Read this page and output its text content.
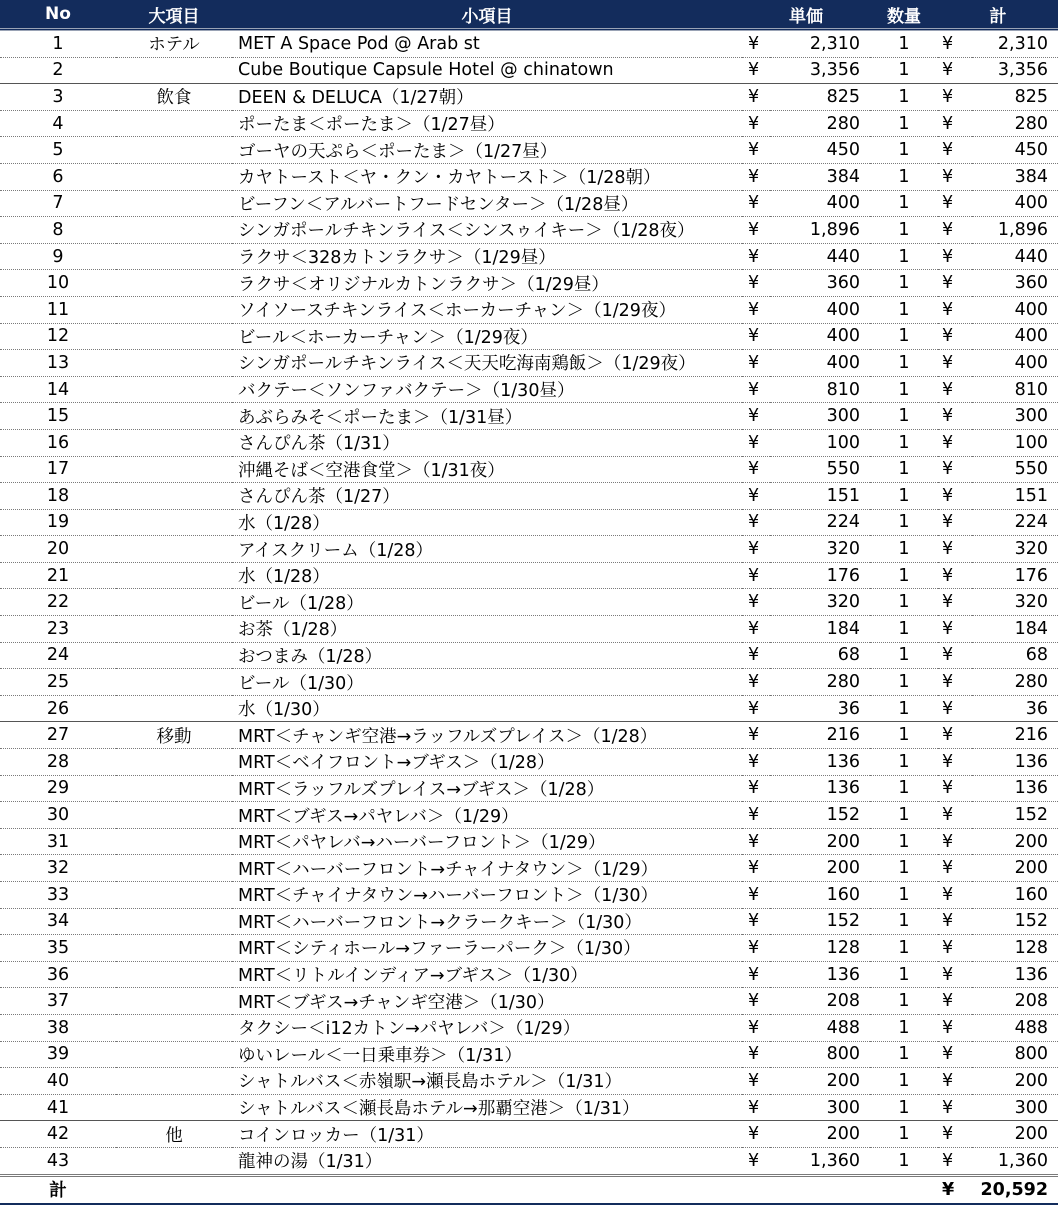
No	大項目	小項目	単価		数量	計	
1	ホテル	MET A Space Pod @ Arab st	¥	2,310	1	¥	2,310
2		Cube Boutique Capsule Hotel @ chinatown	¥	3,356	1	¥	3,356
3	飲食	DEEN & DELUCA（1/27朝）	¥	825	1	¥	825
4		ポーたま＜ポーたま＞（1/27昼）	¥	280	1	¥	280
5		ゴーヤの天ぷら＜ポーたま＞（1/27昼）	¥	450	1	¥	450
6		カヤトースト＜ヤ・クン・カヤトースト＞（1/28朝）	¥	384	1	¥	384
7		ビーフン＜アルバートフードセンター＞（1/28昼）	¥	400	1	¥	400
8		シンガポールチキンライス＜シンスゥイキー＞（1/28夜）	¥	1,896	1	¥	1,896
9		ラクサ＜328カトンラクサ＞（1/29昼）	¥	440	1	¥	440
10		ラクサ＜オリジナルカトンラクサ＞（1/29昼）	¥	360	1	¥	360
11		ソイソースチキンライス＜ホーカーチャン＞（1/29夜）	¥	400	1	¥	400
12		ビール＜ホーカーチャン＞（1/29夜）	¥	400	1	¥	400
13		シンガポールチキンライス＜天天吃海南鶏飯＞（1/29夜）	¥	400	1	¥	400
14		バクテー＜ソンファバクテー＞（1/30昼）	¥	810	1	¥	810
15		あぶらみそ＜ポーたま＞（1/31昼）	¥	300	1	¥	300
16		さんぴん茶（1/31）	¥	100	1	¥	100
17		沖縄そば＜空港食堂＞（1/31夜）	¥	550	1	¥	550
18		さんぴん茶（1/27）	¥	151	1	¥	151
19		水（1/28）	¥	224	1	¥	224
20		アイスクリーム（1/28）	¥	320	1	¥	320
21		水（1/28）	¥	176	1	¥	176
22		ビール（1/28）	¥	320	1	¥	320
23		お茶（1/28）	¥	184	1	¥	184
24		おつまみ（1/28）	¥	68	1	¥	68
25		ビール（1/30）	¥	280	1	¥	280
26		水（1/30）	¥	36	1	¥	36
27	移動	MRT＜チャンギ空港→ラッフルズプレイス＞（1/28）	¥	216	1	¥	216
28		MRT＜ベイフロント→ブギス＞（1/28）	¥	136	1	¥	136
29		MRT＜ラッフルズプレイス→ブギス＞（1/28）	¥	136	1	¥	136
30		MRT＜ブギス→パヤレバ＞（1/29）	¥	152	1	¥	152
31		MRT＜パヤレバ→ハーバーフロント＞（1/29）	¥	200	1	¥	200
32		MRT＜ハーバーフロント→チャイナタウン＞（1/29）	¥	200	1	¥	200
33		MRT＜チャイナタウン→ハーバーフロント＞（1/30）	¥	160	1	¥	160
34		MRT＜ハーバーフロント→クラークキー＞（1/30）	¥	152	1	¥	152
35		MRT＜シティホール→ファーラーパーク＞（1/30）	¥	128	1	¥	128
36		MRT＜リトルインディア→ブギス＞（1/30）	¥	136	1	¥	136
37		MRT＜ブギス→チャンギ空港＞（1/30）	¥	208	1	¥	208
38		タクシー＜i12カトン→パヤレバ＞（1/29）	¥	488	1	¥	488
39		ゆいレール＜一日乗車券＞（1/31）	¥	800	1	¥	800
40		シャトルバス＜赤嶺駅→瀬長島ホテル＞（1/31）	¥	200	1	¥	200
41		シャトルバス＜瀬長島ホテル→那覇空港＞（1/31）	¥	300	1	¥	300
42	他	コインロッカー（1/31）	¥	200	1	¥	200
43		龍神の湯（1/31）	¥	1,360	1	¥	1,360
計						¥	20,592
